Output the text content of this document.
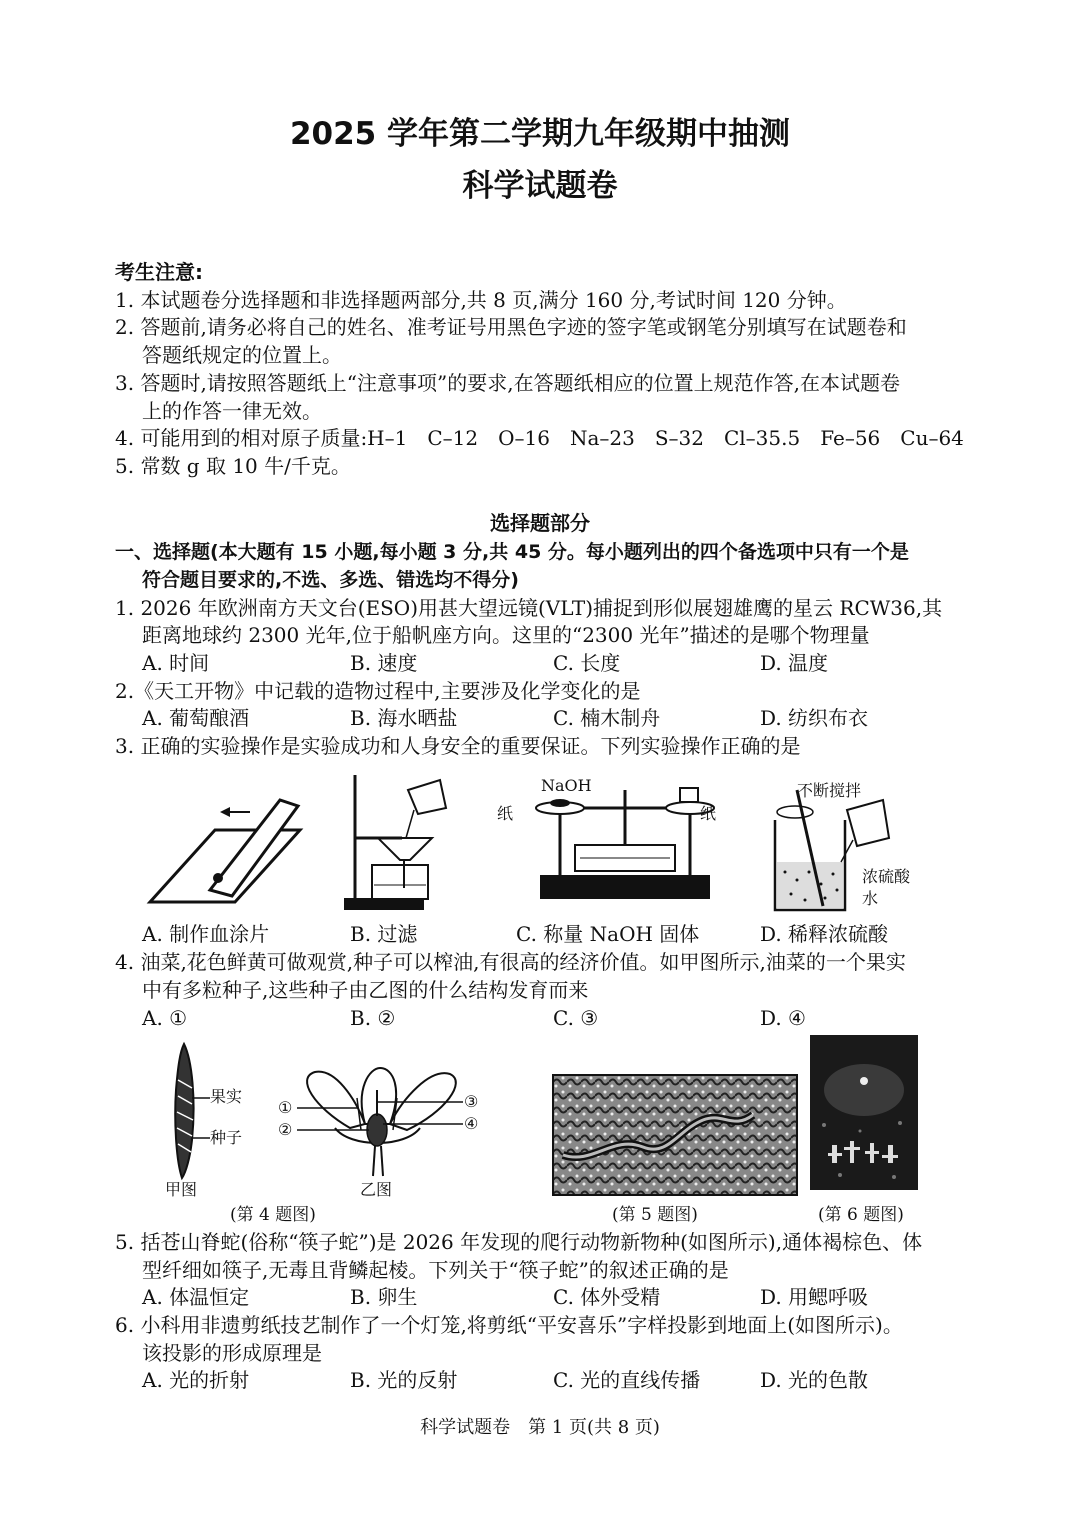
2025 学年第二学期九年级期中抽测
科学试题卷
考生注意:
1. 本试题卷分选择题和非选择题两部分,共 8 页,满分 160 分,考试时间 120 分钟。
2. 答题前,请务必将自己的姓名、准考证号用黑色字迹的签字笔或钢笔分别填写在试题卷和
答题纸规定的位置上。
3. 答题时,请按照答题纸上“注意事项”的要求,在答题纸相应的位置上规范作答,在本试题卷
上的作答一律无效。
4. 可能用到的相对原子质量:H–1　C–12　O–16　Na–23　S–32　Cl–35.5　Fe–56　Cu–64
5. 常数 g 取 10 牛/千克。
选择题部分
一、选择题(本大题有 15 小题,每小题 3 分,共 45 分。每小题列出的四个备选项中只有一个是
符合题目要求的,不选、多选、错选均不得分)
1. 2026 年欧洲南方天文台(ESO)用甚大望远镜(VLT)捕捉到形似展翅雄鹰的星云 RCW36,其
距离地球约 2300 光年,位于船帆座方向。这里的“2300 光年”描述的是哪个物理量
A. 时间	B. 速度	C. 长度	D. 温度
2.《天工开物》中记载的造物过程中,主要涉及化学变化的是
A. 葡萄酿酒	B. 海水晒盐	C. 楠木制舟	D. 纺织布衣
3. 正确的实验操作是实验成功和人身安全的重要保证。下列实验操作正确的是
NaOH
纸	纸
不断搅拌
浓硫酸
水
A. 制作血涂片	B. 过滤	C. 称量 NaOH 固体	D. 稀释浓硫酸
4. 油菜,花色鲜黄可做观赏,种子可以榨油,有很高的经济价值。如甲图所示,油菜的一个果实
中有多粒种子,这些种子由乙图的什么结构发育而来
A. ①	B. ②	C. ③	D. ④
果实
种子
甲图
①
②
③
④
乙图
(第 4 题图)	(第 5 题图)	(第 6 题图)
5. 括苍山脊蛇(俗称“筷子蛇”)是 2026 年发现的爬行动物新物种(如图所示),通体褐棕色、体
型纤细如筷子,无毒且背鳞起棱。下列关于“筷子蛇”的叙述正确的是
A. 体温恒定	B. 卵生	C. 体外受精	D. 用鳃呼吸
6. 小科用非遗剪纸技艺制作了一个灯笼,将剪纸“平安喜乐”字样投影到地面上(如图所示)。
该投影的形成原理是
A. 光的折射	B. 光的反射	C. 光的直线传播	D. 光的色散
科学试题卷　第 1 页(共 8 页)
